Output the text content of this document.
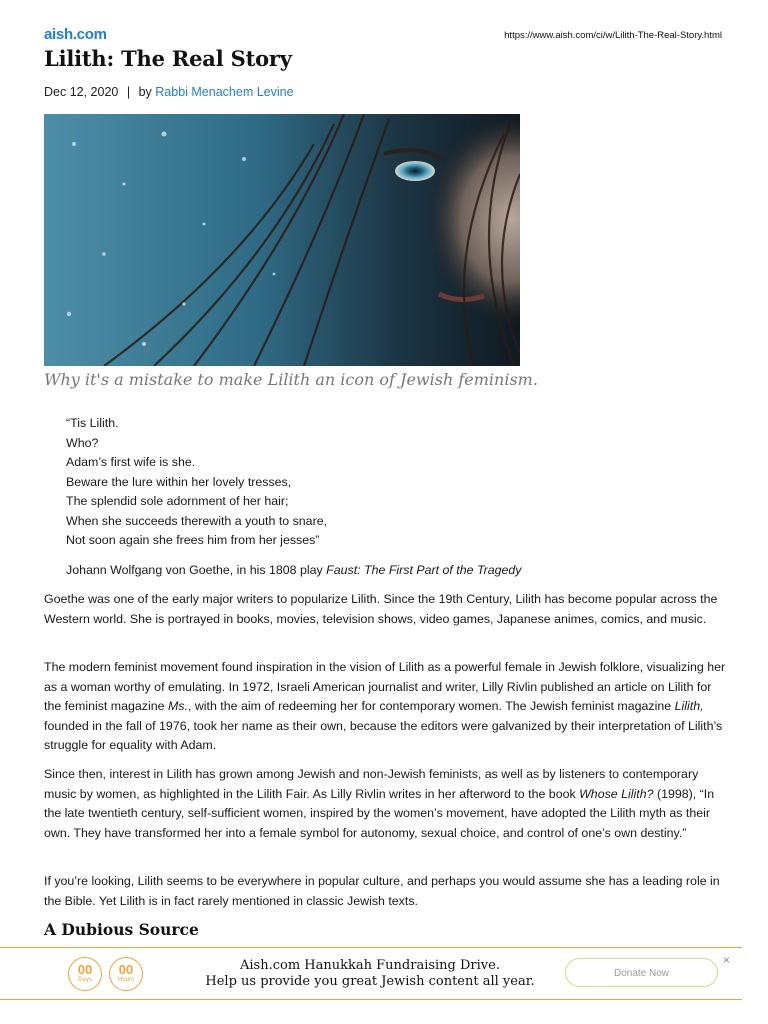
aish.com	https://www.aish.com/ci/w/Lilith-The-Real-Story.html
Lilith: The Real Story
Dec 12, 2020 | by Rabbi Menachem Levine
Why it's a mistake to make Lilith an icon of Jewish feminism.
“Tis Lilith.
Who?
Adam’s first wife is she.
Beware the lure within her lovely tresses,
The splendid sole adornment of her hair;
When she succeeds therewith a youth to snare,
Not soon again she frees him from her jesses”
Johann Wolfgang von Goethe, in his 1808 play Faust: The First Part of the Tragedy

Goethe was one of the early major writers to popularize Lilith. Since the 19th Century, Lilith has become popular across the Western world. She is portrayed in books, movies, television shows, video games, Japanese animes, comics, and music.

The modern feminist movement found inspiration in the vision of Lilith as a powerful female in Jewish folklore, visualizing her as a woman worthy of emulating. In 1972, Israeli American journalist and writer, Lilly Rivlin published an article on Lilith for the feminist magazine Ms., with the aim of redeeming her for contemporary women. The Jewish feminist magazine Lilith, founded in the fall of 1976, took her name as their own, because the editors were galvanized by their interpretation of Lilith’s struggle for equality with Adam.

Since then, interest in Lilith has grown among Jewish and non-Jewish feminists, as well as by listeners to contemporary music by women, as highlighted in the Lilith Fair. As Lilly Rivlin writes in her afterword to the book Whose Lilith? (1998), “In the late twentieth century, self-sufficient women, inspired by the women’s movement, have adopted the Lilith myth as their own. They have transformed her into a female symbol for autonomy, sexual choice, and control of one’s own destiny.”

If you’re looking, Lilith seems to be everywhere in popular culture, and perhaps you would assume she has a leading role in the Bible. Yet Lilith is in fact rarely mentioned in classic Jewish texts.

A Dubious Source
00
Days
00
Hours
Aish.com Hanukkah Fundraising Drive.
Help us provide you great Jewish content all year.
Donate Now
×
